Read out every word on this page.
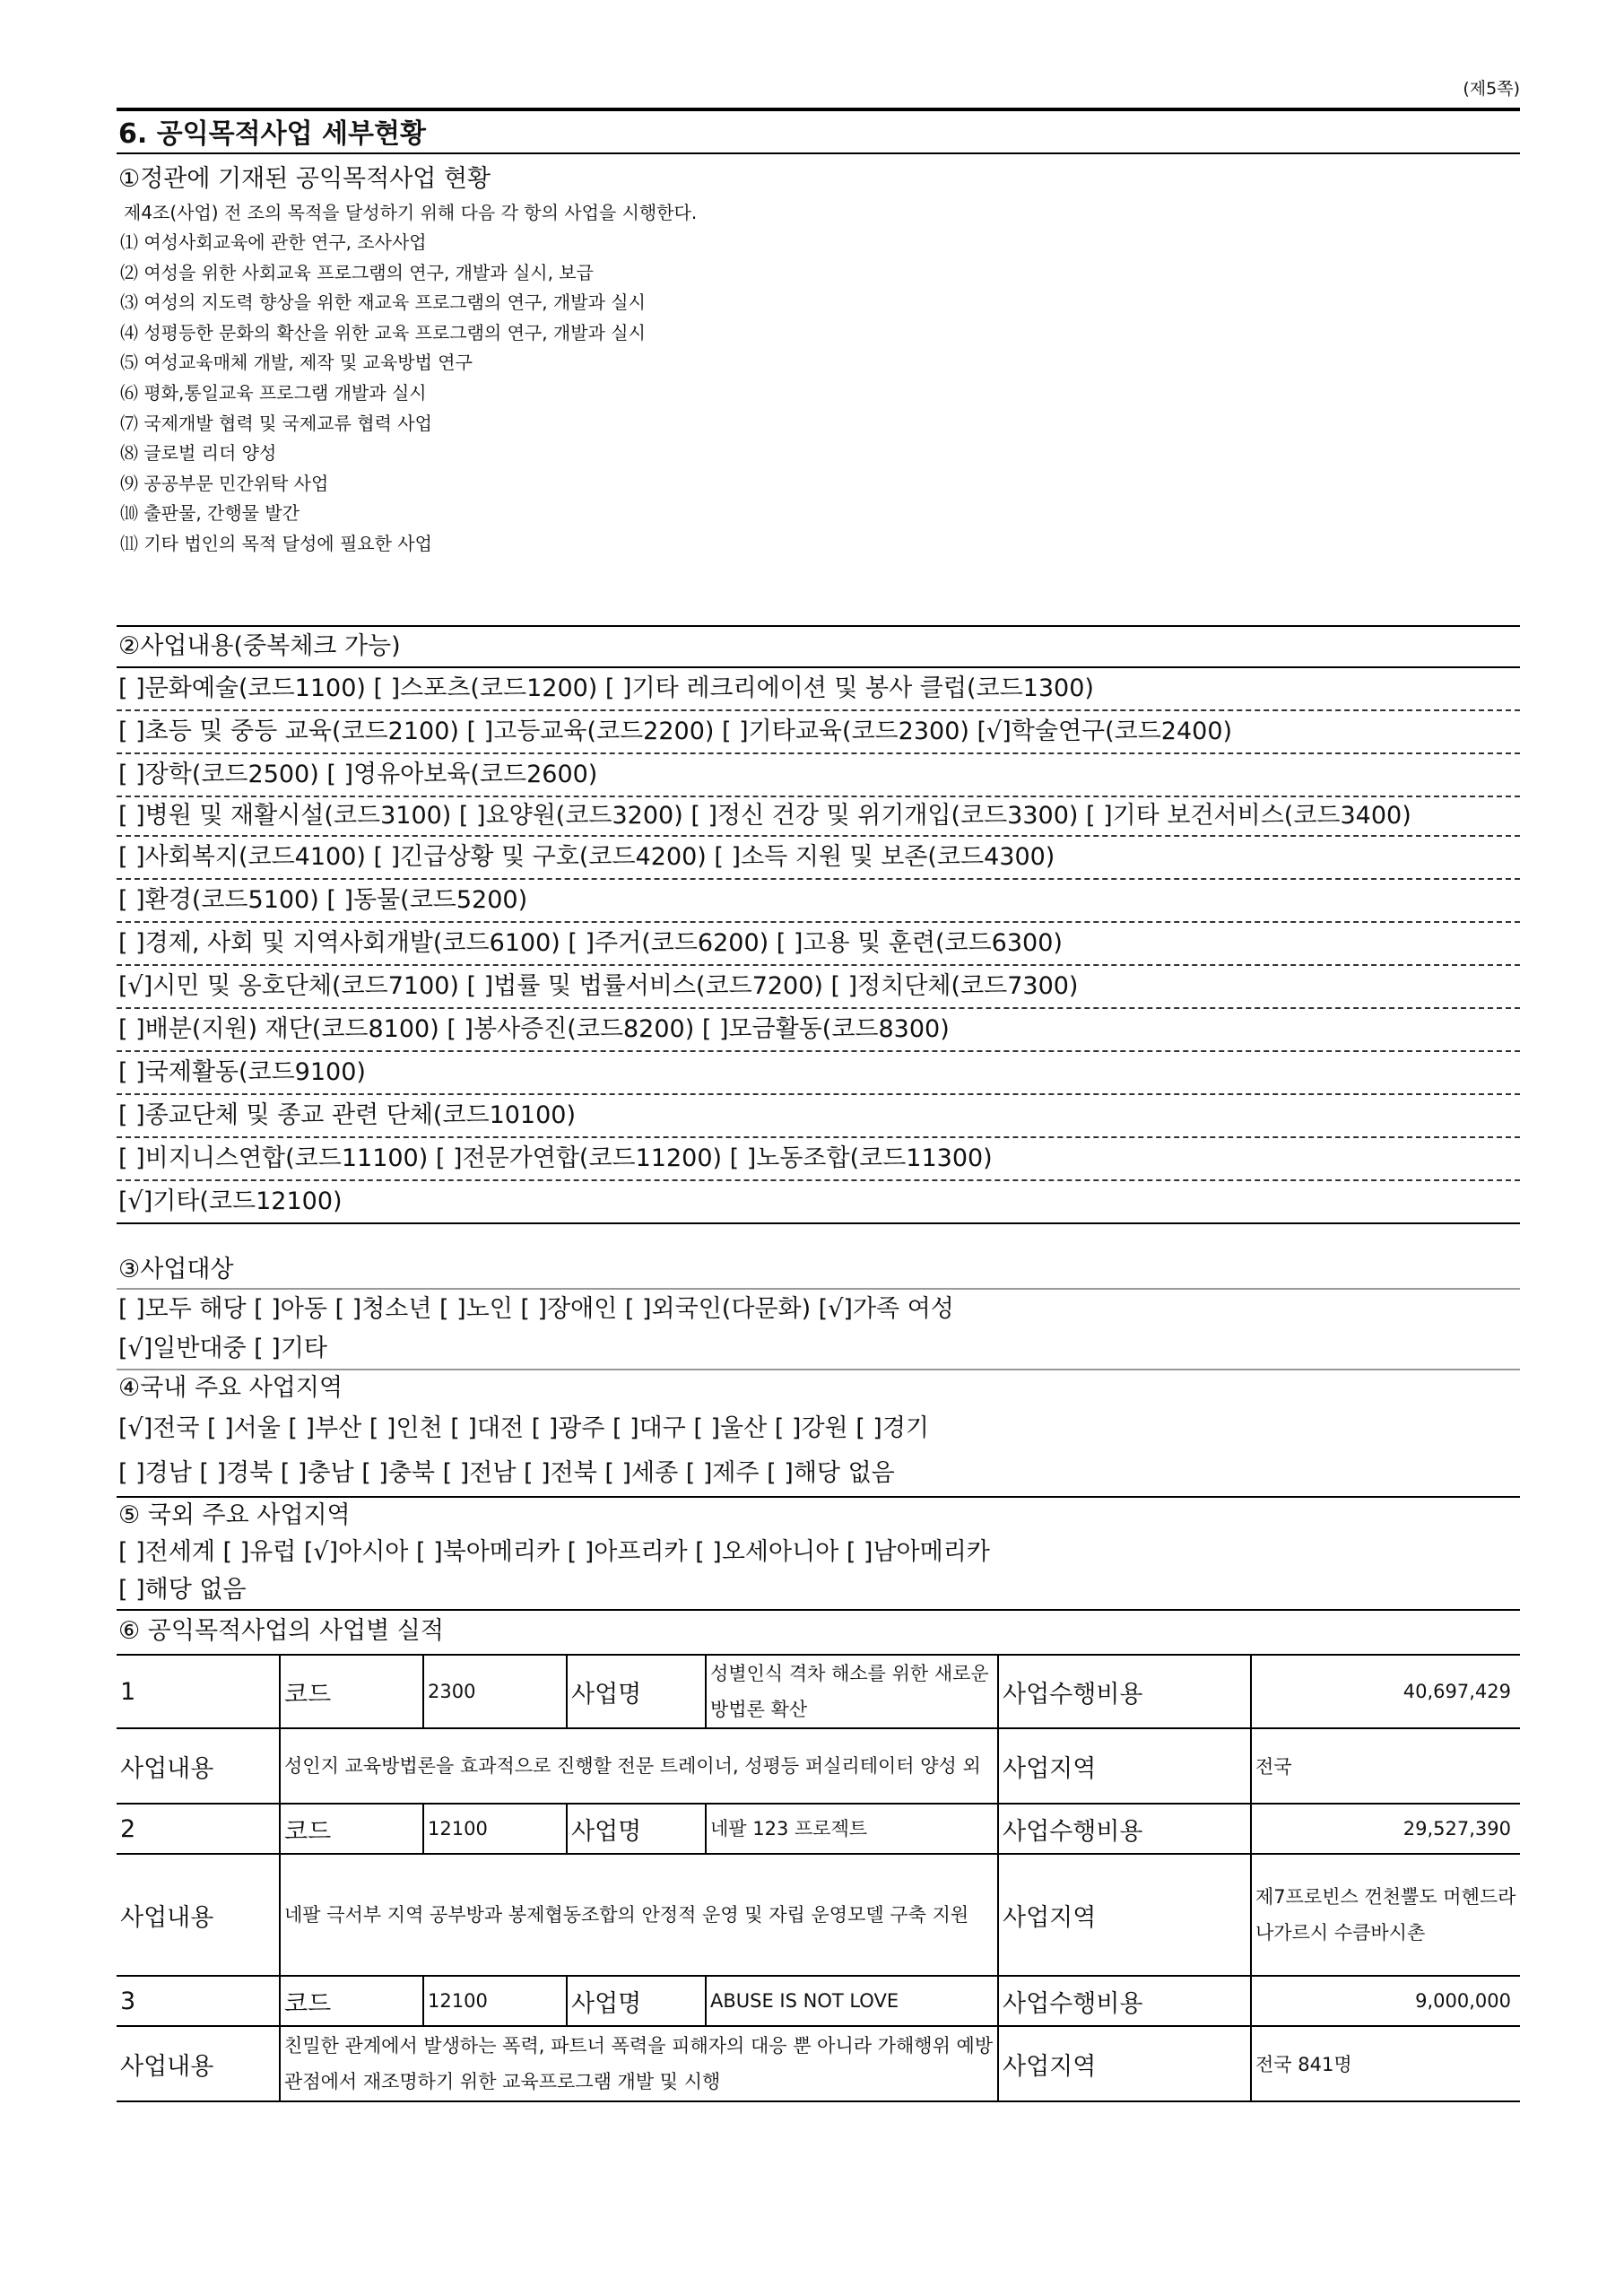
(제5쪽)
6. 공익목적사업 세부현황
①정관에 기재된 공익목적사업 현황
제4조(사업) 전 조의 목적을 달성하기 위해 다음 각 항의 사업을 시행한다.
⑴ 여성사회교육에 관한 연구, 조사사업
⑵ 여성을 위한 사회교육 프로그램의 연구, 개발과 실시, 보급
⑶ 여성의 지도력 향상을 위한 재교육 프로그램의 연구, 개발과 실시
⑷ 성평등한 문화의 확산을 위한 교육 프로그램의 연구, 개발과 실시
⑸ 여성교육매체 개발, 제작 및 교육방법 연구
⑹ 평화,통일교육 프로그램 개발과 실시
⑺ 국제개발 협력 및 국제교류 협력 사업
⑻ 글로벌 리더 양성
⑼ 공공부문 민간위탁 사업
⑽ 출판물, 간행물 발간
⑾ 기타 법인의 목적 달성에 필요한 사업
②사업내용(중복체크 가능)
[ ]문화예술(코드1100) [ ]스포츠(코드1200) [ ]기타 레크리에이션 및 봉사 클럽(코드1300)
[ ]초등 및 중등 교육(코드2100) [ ]고등교육(코드2200) [ ]기타교육(코드2300) [√]학술연구(코드2400)
[ ]장학(코드2500) [ ]영유아보육(코드2600)
[ ]병원 및 재활시설(코드3100) [ ]요양원(코드3200) [ ]정신 건강 및 위기개입(코드3300) [ ]기타 보건서비스(코드3400)
[ ]사회복지(코드4100) [ ]긴급상황 및 구호(코드4200) [ ]소득 지원 및 보존(코드4300)
[ ]환경(코드5100) [ ]동물(코드5200)
[ ]경제, 사회 및 지역사회개발(코드6100) [ ]주거(코드6200) [ ]고용 및 훈련(코드6300)
[√]시민 및 옹호단체(코드7100) [ ]법률 및 법률서비스(코드7200) [ ]정치단체(코드7300)
[ ]배분(지원) 재단(코드8100) [ ]봉사증진(코드8200) [ ]모금활동(코드8300)
[ ]국제활동(코드9100)
[ ]종교단체 및 종교 관련 단체(코드10100)
[ ]비지니스연합(코드11100) [ ]전문가연합(코드11200) [ ]노동조합(코드11300)
[√]기타(코드12100)
③사업대상
[ ]모두 해당 [ ]아동 [ ]청소년 [ ]노인 [ ]장애인 [ ]외국인(다문화) [√]가족 여성
[√]일반대중 [ ]기타
④국내 주요 사업지역
[√]전국 [ ]서울 [ ]부산 [ ]인천 [ ]대전 [ ]광주 [ ]대구 [ ]울산 [ ]강원 [ ]경기
[ ]경남 [ ]경북 [ ]충남 [ ]충북 [ ]전남 [ ]전북 [ ]세종 [ ]제주 [ ]해당 없음
⑤ 국외 주요 사업지역
[ ]전세계 [ ]유럽 [√]아시아 [ ]북아메리카 [ ]아프리카 [ ]오세아니아 [ ]남아메리카
[ ]해당 없음
⑥ 공익목적사업의 사업별 실적
1	코드	2300	사업명	성별인식 격차 해소를 위한 새로운 방법론 확산	사업수행비용	40,697,429
사업내용	성인지 교육방법론을 효과적으로 진행할 전문 트레이너, 성평등 퍼실리테이터 양성 외				사업지역	전국
2	코드	12100	사업명	네팔 123 프로젝트	사업수행비용	29,527,390
사업내용	네팔 극서부 지역 공부방과 봉제협동조합의 안정적 운영 및 자립 운영모델 구축 지원				사업지역	제7프로빈스 껀천뿔도 머헨드라나가르시 수큼바시촌
3	코드	12100	사업명	ABUSE IS NOT LOVE	사업수행비용	9,000,000
사업내용	친밀한 관계에서 발생하는 폭력, 파트너 폭력을 피해자의 대응 뿐 아니라 가해행위 예방 관점에서 재조명하기 위한 교육프로그램 개발 및 시행				사업지역	전국 841명
